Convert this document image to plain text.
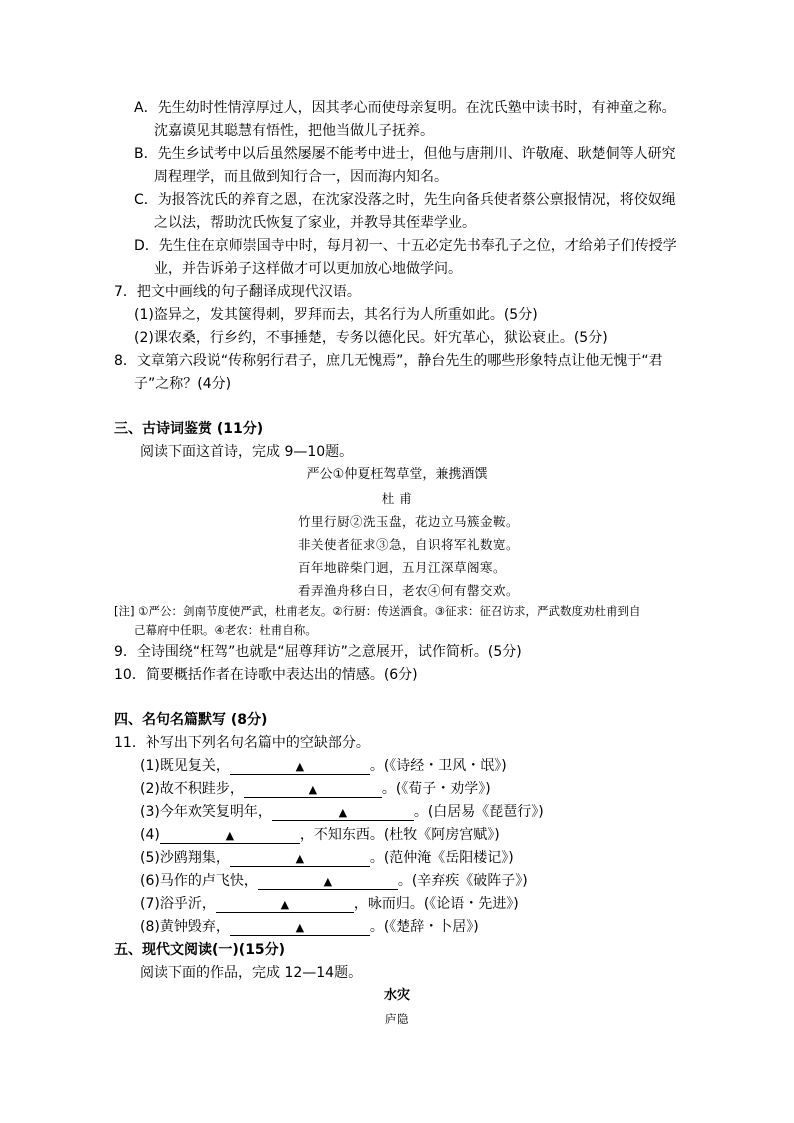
A．先生幼时性情淳厚过人，因其孝心而使母亲复明。在沈氏塾中读书时，有神童之称。
沈嘉谟见其聪慧有悟性，把他当做儿子抚养。
B．先生乡试考中以后虽然屡屡不能考中进士，但他与唐荆川、许敬庵、耿楚侗等人研究
周程理学，而且做到知行合一，因而海内知名。
C．为报答沈氏的养育之恩，在沈家没落之时，先生向备兵使者蔡公禀报情况，将佼奴绳
之以法，帮助沈氏恢复了家业，并教导其侄辈学业。
D．先生住在京师崇国寺中时，每月初一、十五必定先书奉孔子之位，才给弟子们传授学
业，并告诉弟子这样做才可以更加放心地做学问。
7．把文中画线的句子翻译成现代汉语。
(1)盗异之，发其箧得刺，罗拜而去，其名行为人所重如此。(5分)
(2)课农桑，行乡约，不事捶楚，专务以德化民。奸宄革心，狱讼衰止。(5分)
8．文章第六段说“传称躬行君子，庶几无愧焉”，静台先生的哪些形象特点让他无愧于“君
子”之称？(4分)
三、古诗词鉴赏 (11分)
阅读下面这首诗，完成 9—10题。
严公①仲夏枉驾草堂，兼携酒馔
杜 甫
竹里行厨②洗玉盘，花边立马簇金鞍。
非关使者征求③急，自识将军礼数宽。
百年地辟柴门迥，五月江深草阁寒。
看弄渔舟移白日，老农④何有罄交欢。
[注] ①严公：剑南节度使严武，杜甫老友。②行厨：传送酒食。③征求：征召访求，严武数度劝杜甫到自
己幕府中任职。④老农：杜甫自称。
9．全诗围绕“枉驾”也就是“屈尊拜访”之意展开，试作简析。(5分)
10．简要概括作者在诗歌中表达出的情感。(6分)
四、名句名篇默写 (8分)
11．补写出下列名句名篇中的空缺部分。
(1)既见复关，	▲	。(《诗经・卫风・氓》)
(2)故不积跬步，	▲	。(《荀子・劝学》)
(3)今年欢笑复明年，	▲	。(白居易《琵琶行》)
(4)	▲	，不知东西。(杜牧《阿房宫赋》)
(5)沙鸥翔集，	▲	。(范仲淹《岳阳楼记》)
(6)马作的卢飞快，	▲	。(辛弃疾《破阵子》)
(7)浴乎沂，	▲	，咏而归。(《论语・先进》)
(8)黄钟毁弃，	▲	。(《楚辞・卜居》)
五、现代文阅读(一)(15分)
阅读下面的作品，完成 12—14题。
水灾
庐隐
